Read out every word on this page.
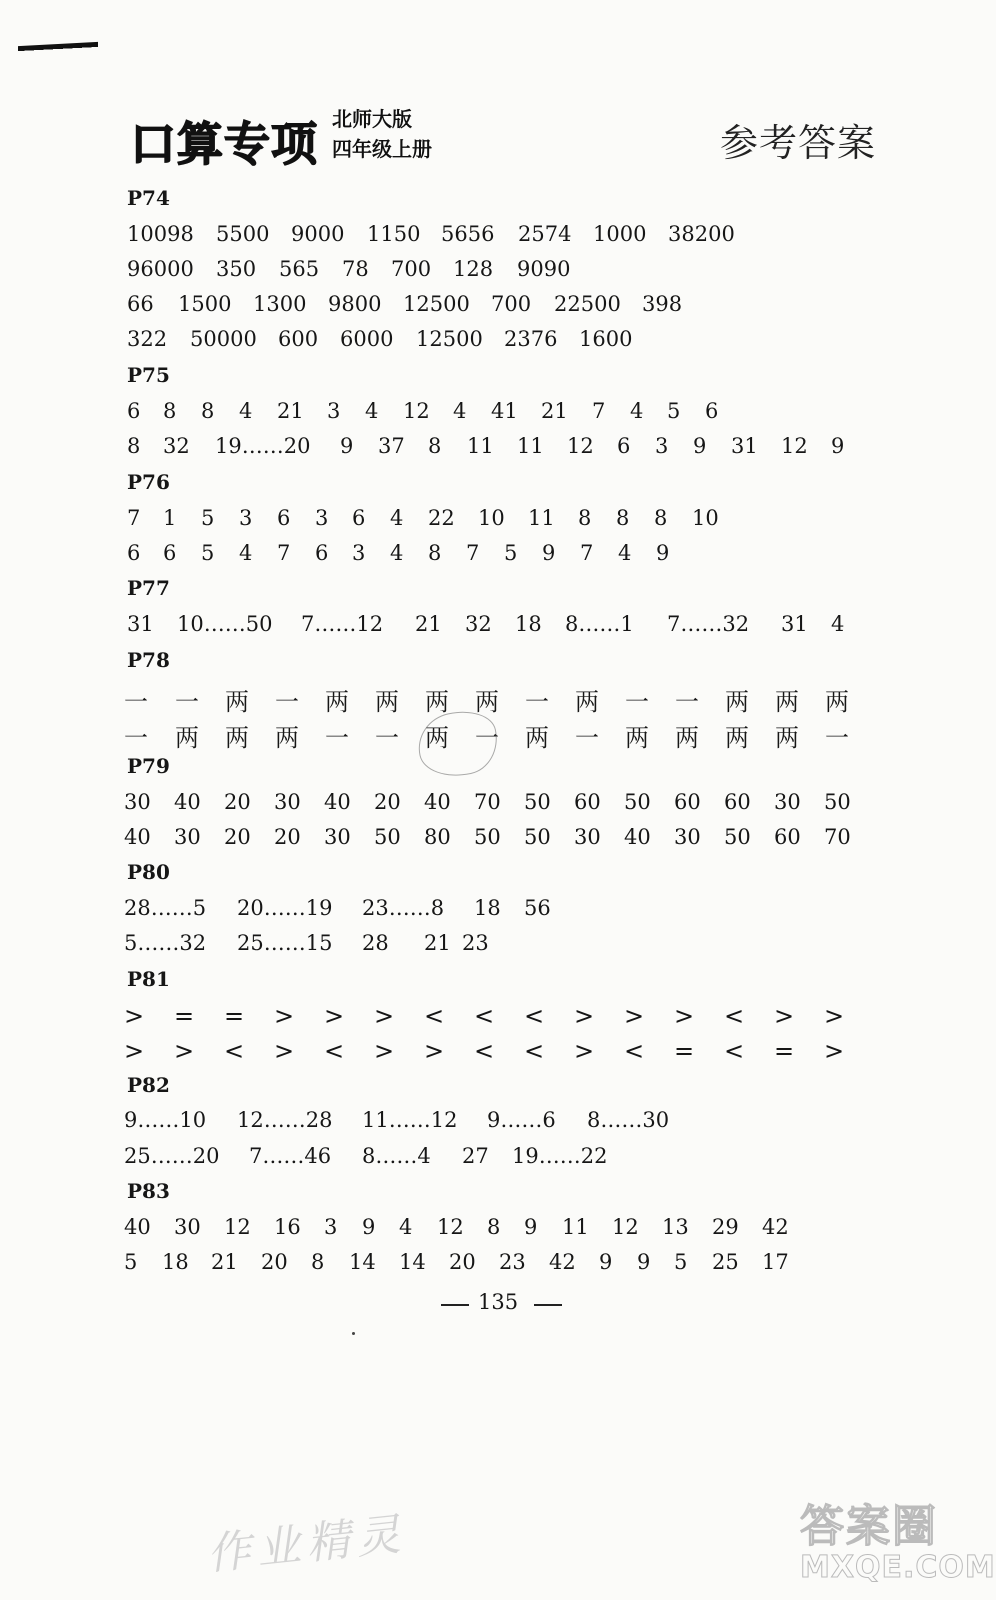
口算专项 北师大版
四年级上册	参考答案
P74
10098 5500 9000 1150 5656 2574 1000 38200
96000 350 565 78 700 128 9090
66 1500 1300 9800 12500 700 22500 398
322 50000 600 6000 12500 2376 1600
P75
6 8 8 4 21 3 4 12 4 41 21 7 4 5 6
8 32 19……20 9 37 8 11 11 12 6 3 9 31 12 9
P76
7 1 5 3 6 3 6 4 22 10 11 8 8 8 10
6 6 5 4 7 6 3 4 8 7 5 9 7 4 9
P77
31 10……50 7……12 21 32 18 8……1 7……32 31 4
P78
一 一 两 一 两 两 两 两 一 两 一 一 两 两 两
一 两 两 两 一 一 两 一 两 一 两 两 两 两 一
P79
30 40 20 30 40 20 40 70 50 60 50 60 60 30 50
40 30 20 20 30 50 80 50 50 30 40 30 50 60 70
P80
28……5 20……19 23……8 18 56
5……32 25……15 28 21 23
P81
> = = > > > < < < > > > < > >
> > < > < > > < < > < = < = >
P82
9……10 12……28 11……12 9……6 8……30
25……20 7……46 8……4 27 19……22
P83
40 30 12 16 3 9 4 12 8 9 11 12 13 29 42
5 18 21 20 8 14 14 20 23 42 9 9 5 25 17
135
作业精灵	答案圈
MXQE.COM
